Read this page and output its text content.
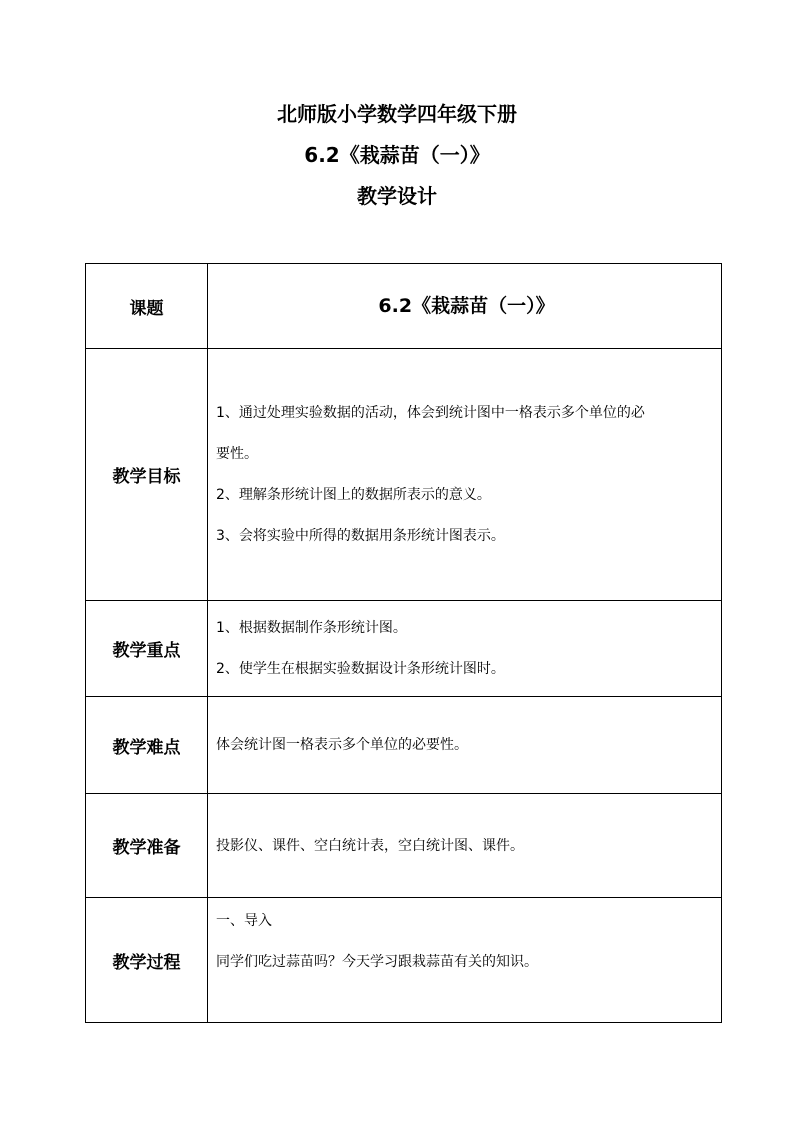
北师版小学数学四年级下册
6.2《栽蒜苗（一）》
教学设计
课题	6.2《栽蒜苗（一）》
教学目标	1、通过处理实验数据的活动，体会到统计图中一格表示多个单位的必

要性。

2、理解条形统计图上的数据所表示的意义。

3、会将实验中所得的数据用条形统计图表示。

教学重点	1、根据数据制作条形统计图。

2、使学生在根据实验数据设计条形统计图时。

教学难点	体会统计图一格表示多个单位的必要性。
教学准备	投影仪、课件、空白统计表，空白统计图、课件。
教学过程	一、导入

同学们吃过蒜苗吗？今天学习跟栽蒜苗有关的知识。
